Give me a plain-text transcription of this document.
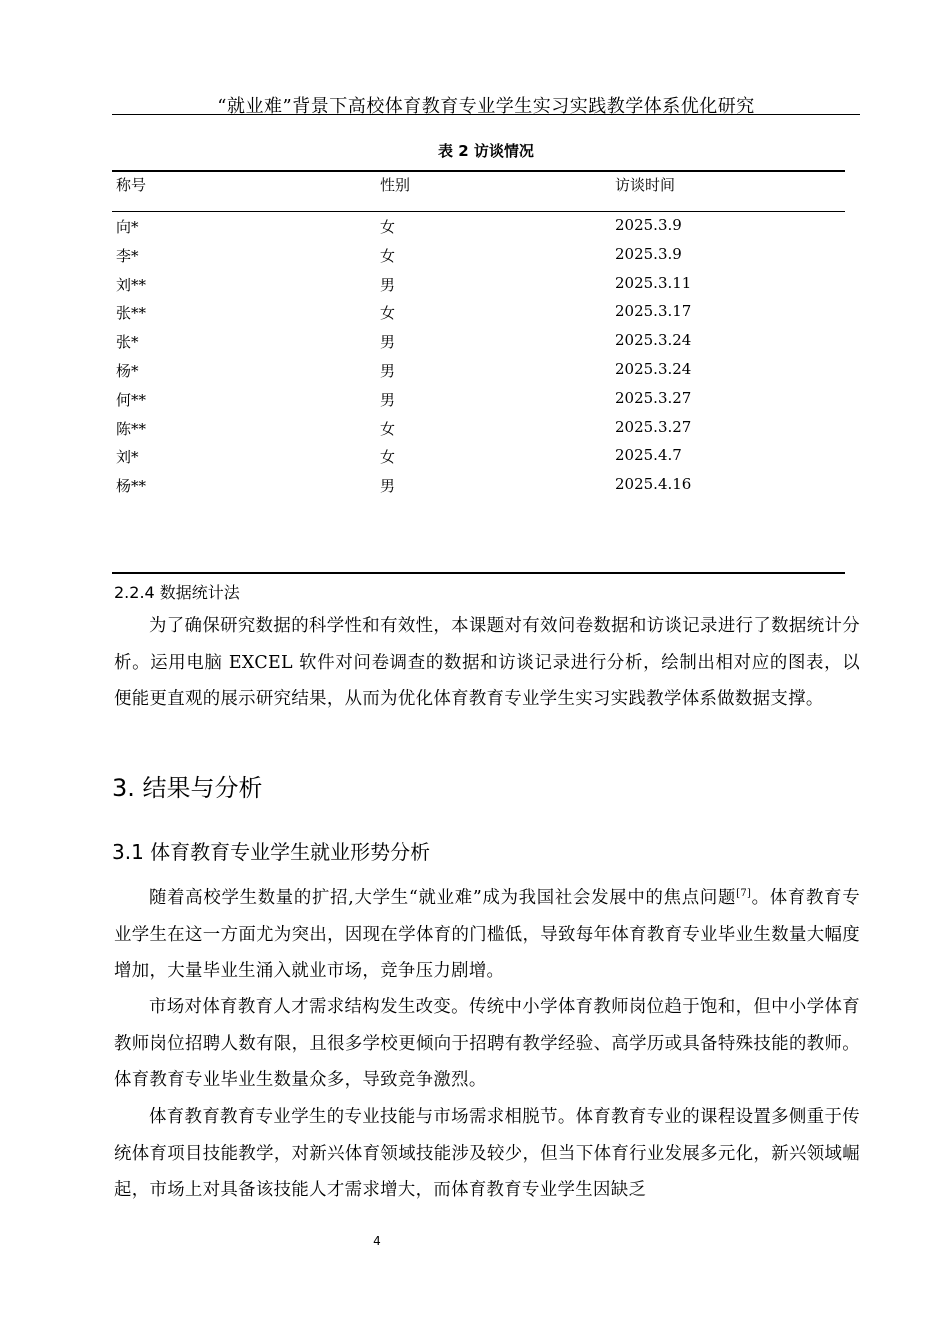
“就业难”背景下高校体育教育专业学生实习实践教学体系优化研究
表 2 访谈情况
称号	性别	访谈时间
向*	女	2025.3.9
李*	女	2025.3.9
刘**	男	2025.3.11
张**	女	2025.3.17
张*	男	2025.3.24
杨*	男	2025.3.24
何**	男	2025.3.27
陈**	女	2025.3.27
刘*	女	2025.4.7
杨**	男	2025.4.16
2.2.4 数据统计法

为了确保研究数据的科学性和有效性，本课题对有效问卷数据和访谈记录进行了数据统计分析。运用电脑 EXCEL 软件对问卷调查的数据和访谈记录进行分析，绘制出相对应的图表，以便能更直观的展示研究结果，从而为优化体育教育专业学生实习实践教学体系做数据支撑。

3. 结果与分析
3.1 体育教育专业学生就业形势分析

随着高校学生数量的扩招,大学生“就业难”成为我国社会发展中的焦点问题[7]。体育教育专业学生在这一方面尤为突出，因现在学体育的门槛低，导致每年体育教育专业毕业生数量大幅度增加，大量毕业生涌入就业市场，竞争压力剧增。

市场对体育教育人才需求结构发生改变。传统中小学体育教师岗位趋于饱和，但中小学体育教师岗位招聘人数有限，且很多学校更倾向于招聘有教学经验、高学历或具备特殊技能的教师。体育教育专业毕业生数量众多，导致竞争激烈。

体育教育教育专业学生的专业技能与市场需求相脱节。体育教育专业的课程设置多侧重于传统体育项目技能教学，对新兴体育领域技能涉及较少，但当下体育行业发展多元化，新兴领域崛起，市场上对具备该技能人才需求增大，而体育教育专业学生因缺乏

4
